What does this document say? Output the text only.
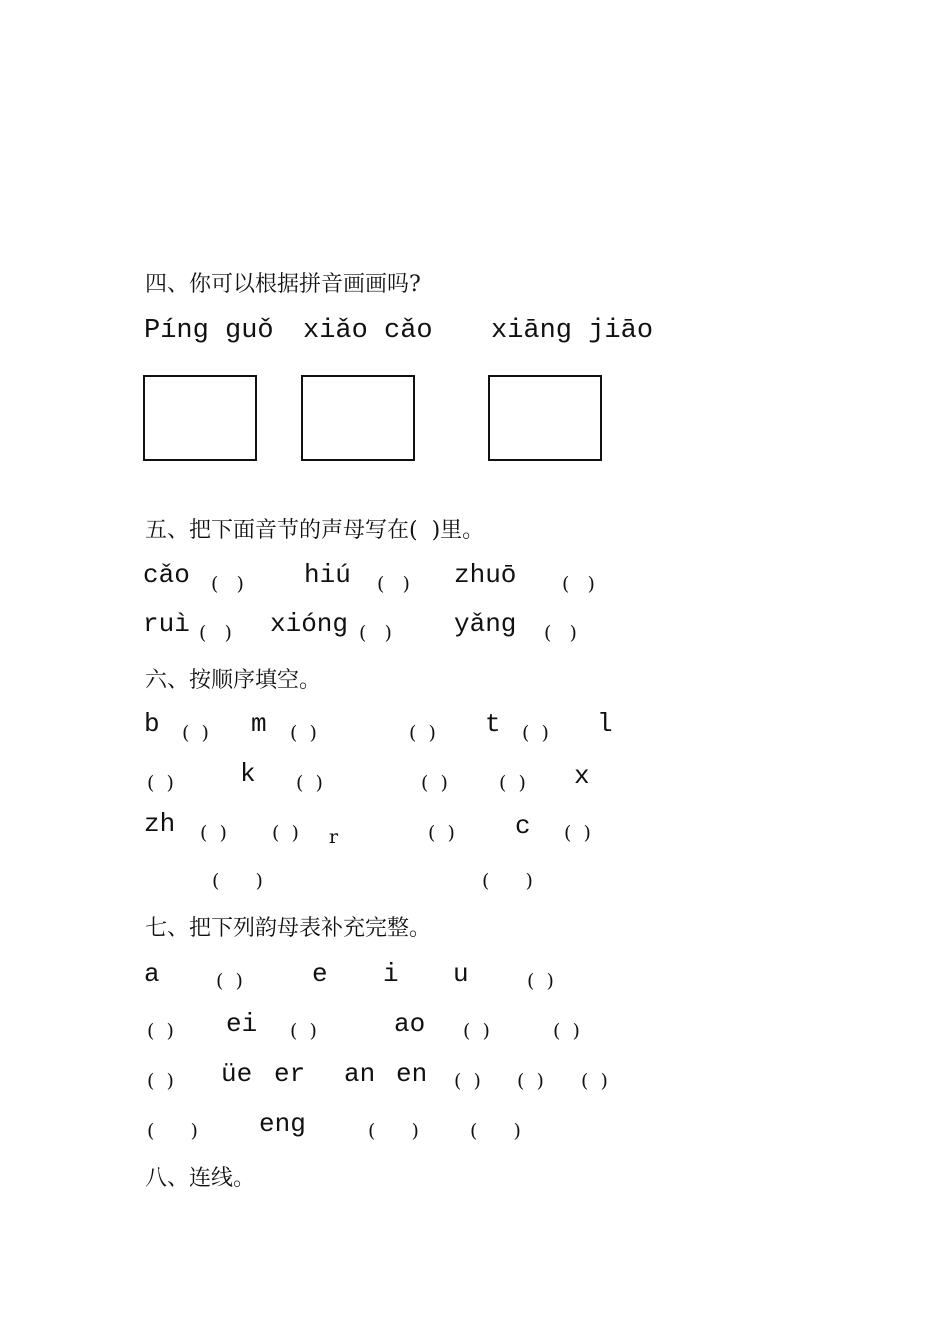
四、你可以根据拼音画画吗?
Píng guǒ xiǎo cǎo xiāng jiāo
五、把下面音节的声母写在(  )里。
cǎo (   ) hiú (   ) zhuō (   )
ruì (   ) xióng (   ) yǎng (   )
六、按顺序填空。
b (  ) m (  )	(  ) t (  ) l
(  )	k (  )	(  )	(  ) x
zh (  ) (  ) r	(  ) c (  )
(  )	(  )
七、把下列韵母表补充完整。
a	(  )	e i u	(  )
(  ) ei (  )	ao (  )	(  )
(  ) üe er an en (  ) (  ) (  )
(  ) eng	(  ) (  )
八、连线。
